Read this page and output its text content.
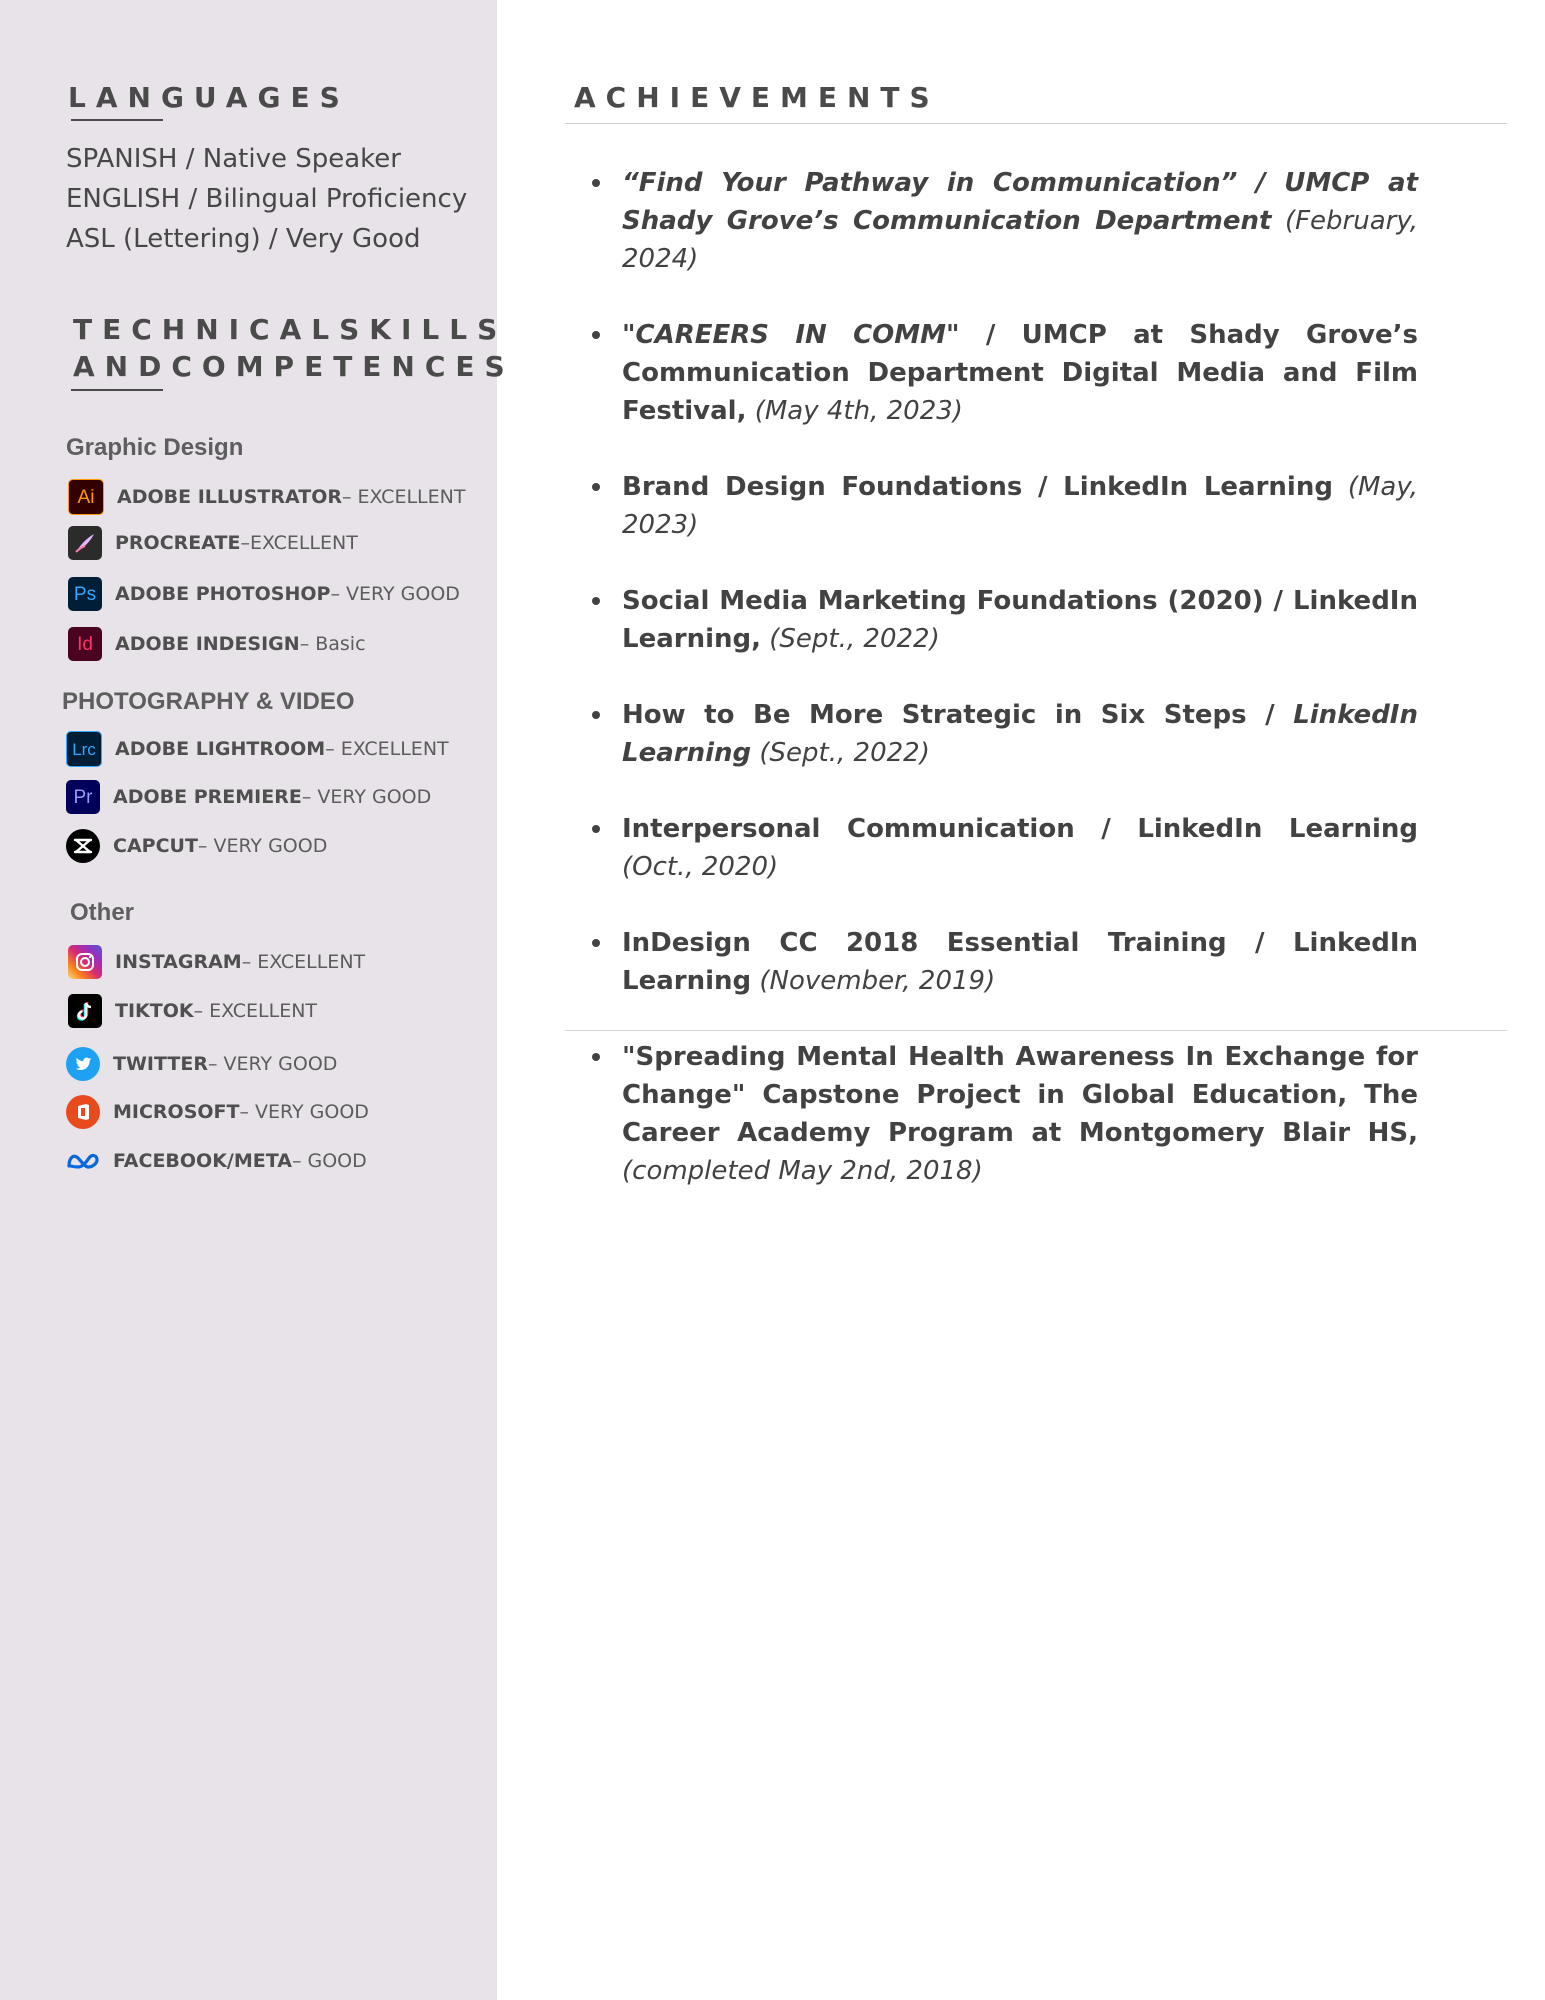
LANGUAGES
SPANISH / Native Speaker
ENGLISH / Bilingual Proficiency
ASL (Lettering) / Very Good
TECHNICALSKILLS
ANDCOMPETENCES
Graphic Design
Ai	ADOBE ILLUSTRATOR – EXCELLENT
PROCREATE –EXCELLENT
Ps ADOBE PHOTOSHOP – VERY GOOD
Id	ADOBE INDESIGN – Basic
PHOTOGRAPHY & VIDEO
Lrc	ADOBE LIGHTROOM – EXCELLENT
Pr	ADOBE PREMIERE – VERY GOOD
CAPCUT – VERY GOOD
Other
INSTAGRAM – EXCELLENT
TIKTOK – EXCELLENT
TWITTER – VERY GOOD
MICROSOFT – VERY GOOD
FACEBOOK/META – GOOD
ACHIEVEMENTS
“Find Your Pathway in Communication” / UMCP at Shady Grove’s Communication Department (February, 2024)
"CAREERS IN COMM" / UMCP at Shady Grove’s Communication Department Digital Media and Film Festival, (May 4th, 2023)
Brand Design Foundations / LinkedIn Learning (May, 2023)
Social Media Marketing Foundations (2020) / LinkedIn Learning, (Sept., 2022)
How to Be More Strategic in Six Steps / LinkedIn Learning (Sept., 2022)
Interpersonal Communication / LinkedIn Learning (Oct., 2020)
InDesign CC 2018 Essential Training / LinkedIn Learning (November, 2019)
"Spreading Mental Health Awareness In Exchange for Change" Capstone Project in Global Education, The Career Academy Program at Montgomery Blair HS, (completed May 2nd, 2018)
